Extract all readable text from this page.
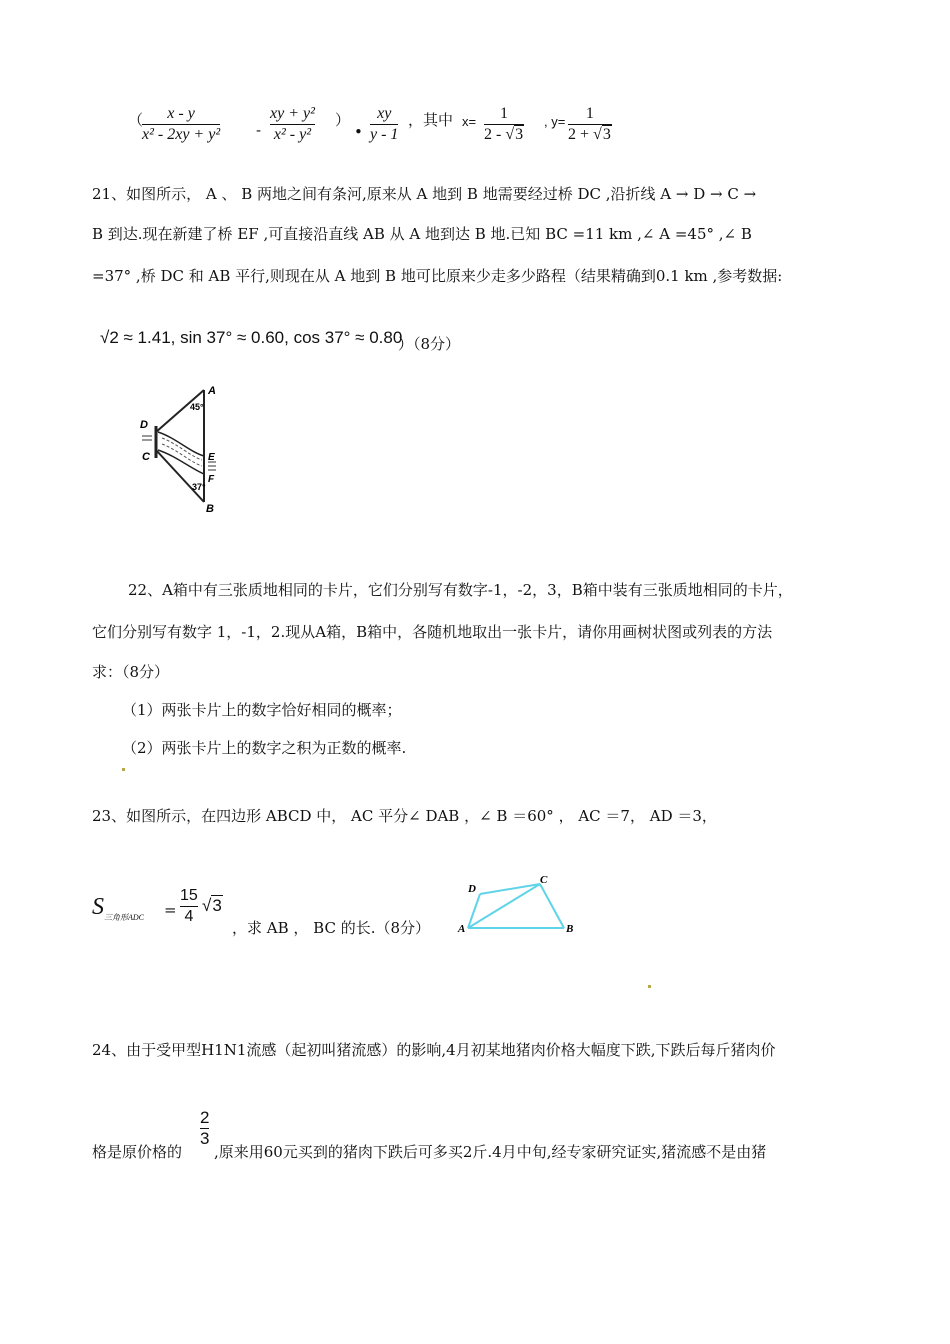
（ x - y
x² - 2xy + y² -
xy + y²
x² - y²
）
•
xy
y - 1
，其中 x= 1
2 - √3
, y= 1
2 + √3
21、如图所示， A 、 B 两地之间有条河,原来从 A 地到 B 地需要经过桥 DC ,沿折线 A → D → C →
B 到达.现在新建了桥 EF ,可直接沿直线 AB 从 A 地到达 B 地.已知 BC =11 km ,∠ A =45° ,∠ B
=37° ,桥 DC 和 AB 平行,则现在从 A 地到 B 地可比原来少走多少路程（结果精确到0.1 km ,参考数据:
√2 ≈ 1.41, sin 37° ≈ 0.60, cos 37° ≈ 0.80
）（8分）
A
45°
D
C	E
F
37°
B
22、A箱中有三张质地相同的卡片，它们分别写有数字-1，-2，3，B箱中装有三张质地相同的卡片，
它们分别写有数字 1，-1，2.现从A箱，B箱中，各随机地取出一张卡片，请你用画树状图或列表的方法
求：（8分）
（1）两张卡片上的数字恰好相同的概率；
（2）两张卡片上的数字之积为正数的概率.
23、如图所示，在四边形 ABCD 中， AC 平分∠ DAB ，∠ B ＝60° ， AC ＝7， AD ＝3，
S 三角形ADC =
15
4
√3
，求 AB ， BC 的长.（8分）
D
C
A	B
24、由于受甲型H1N1流感（起初叫猪流感）的影响,4月初某地猪肉价格大幅度下跌,下跌后每斤猪肉价
格是原价格的
2
3
,原来用60元买到的猪肉下跌后可多买2斤.4月中旬,经专家研究证实,猪流感不是由猪
